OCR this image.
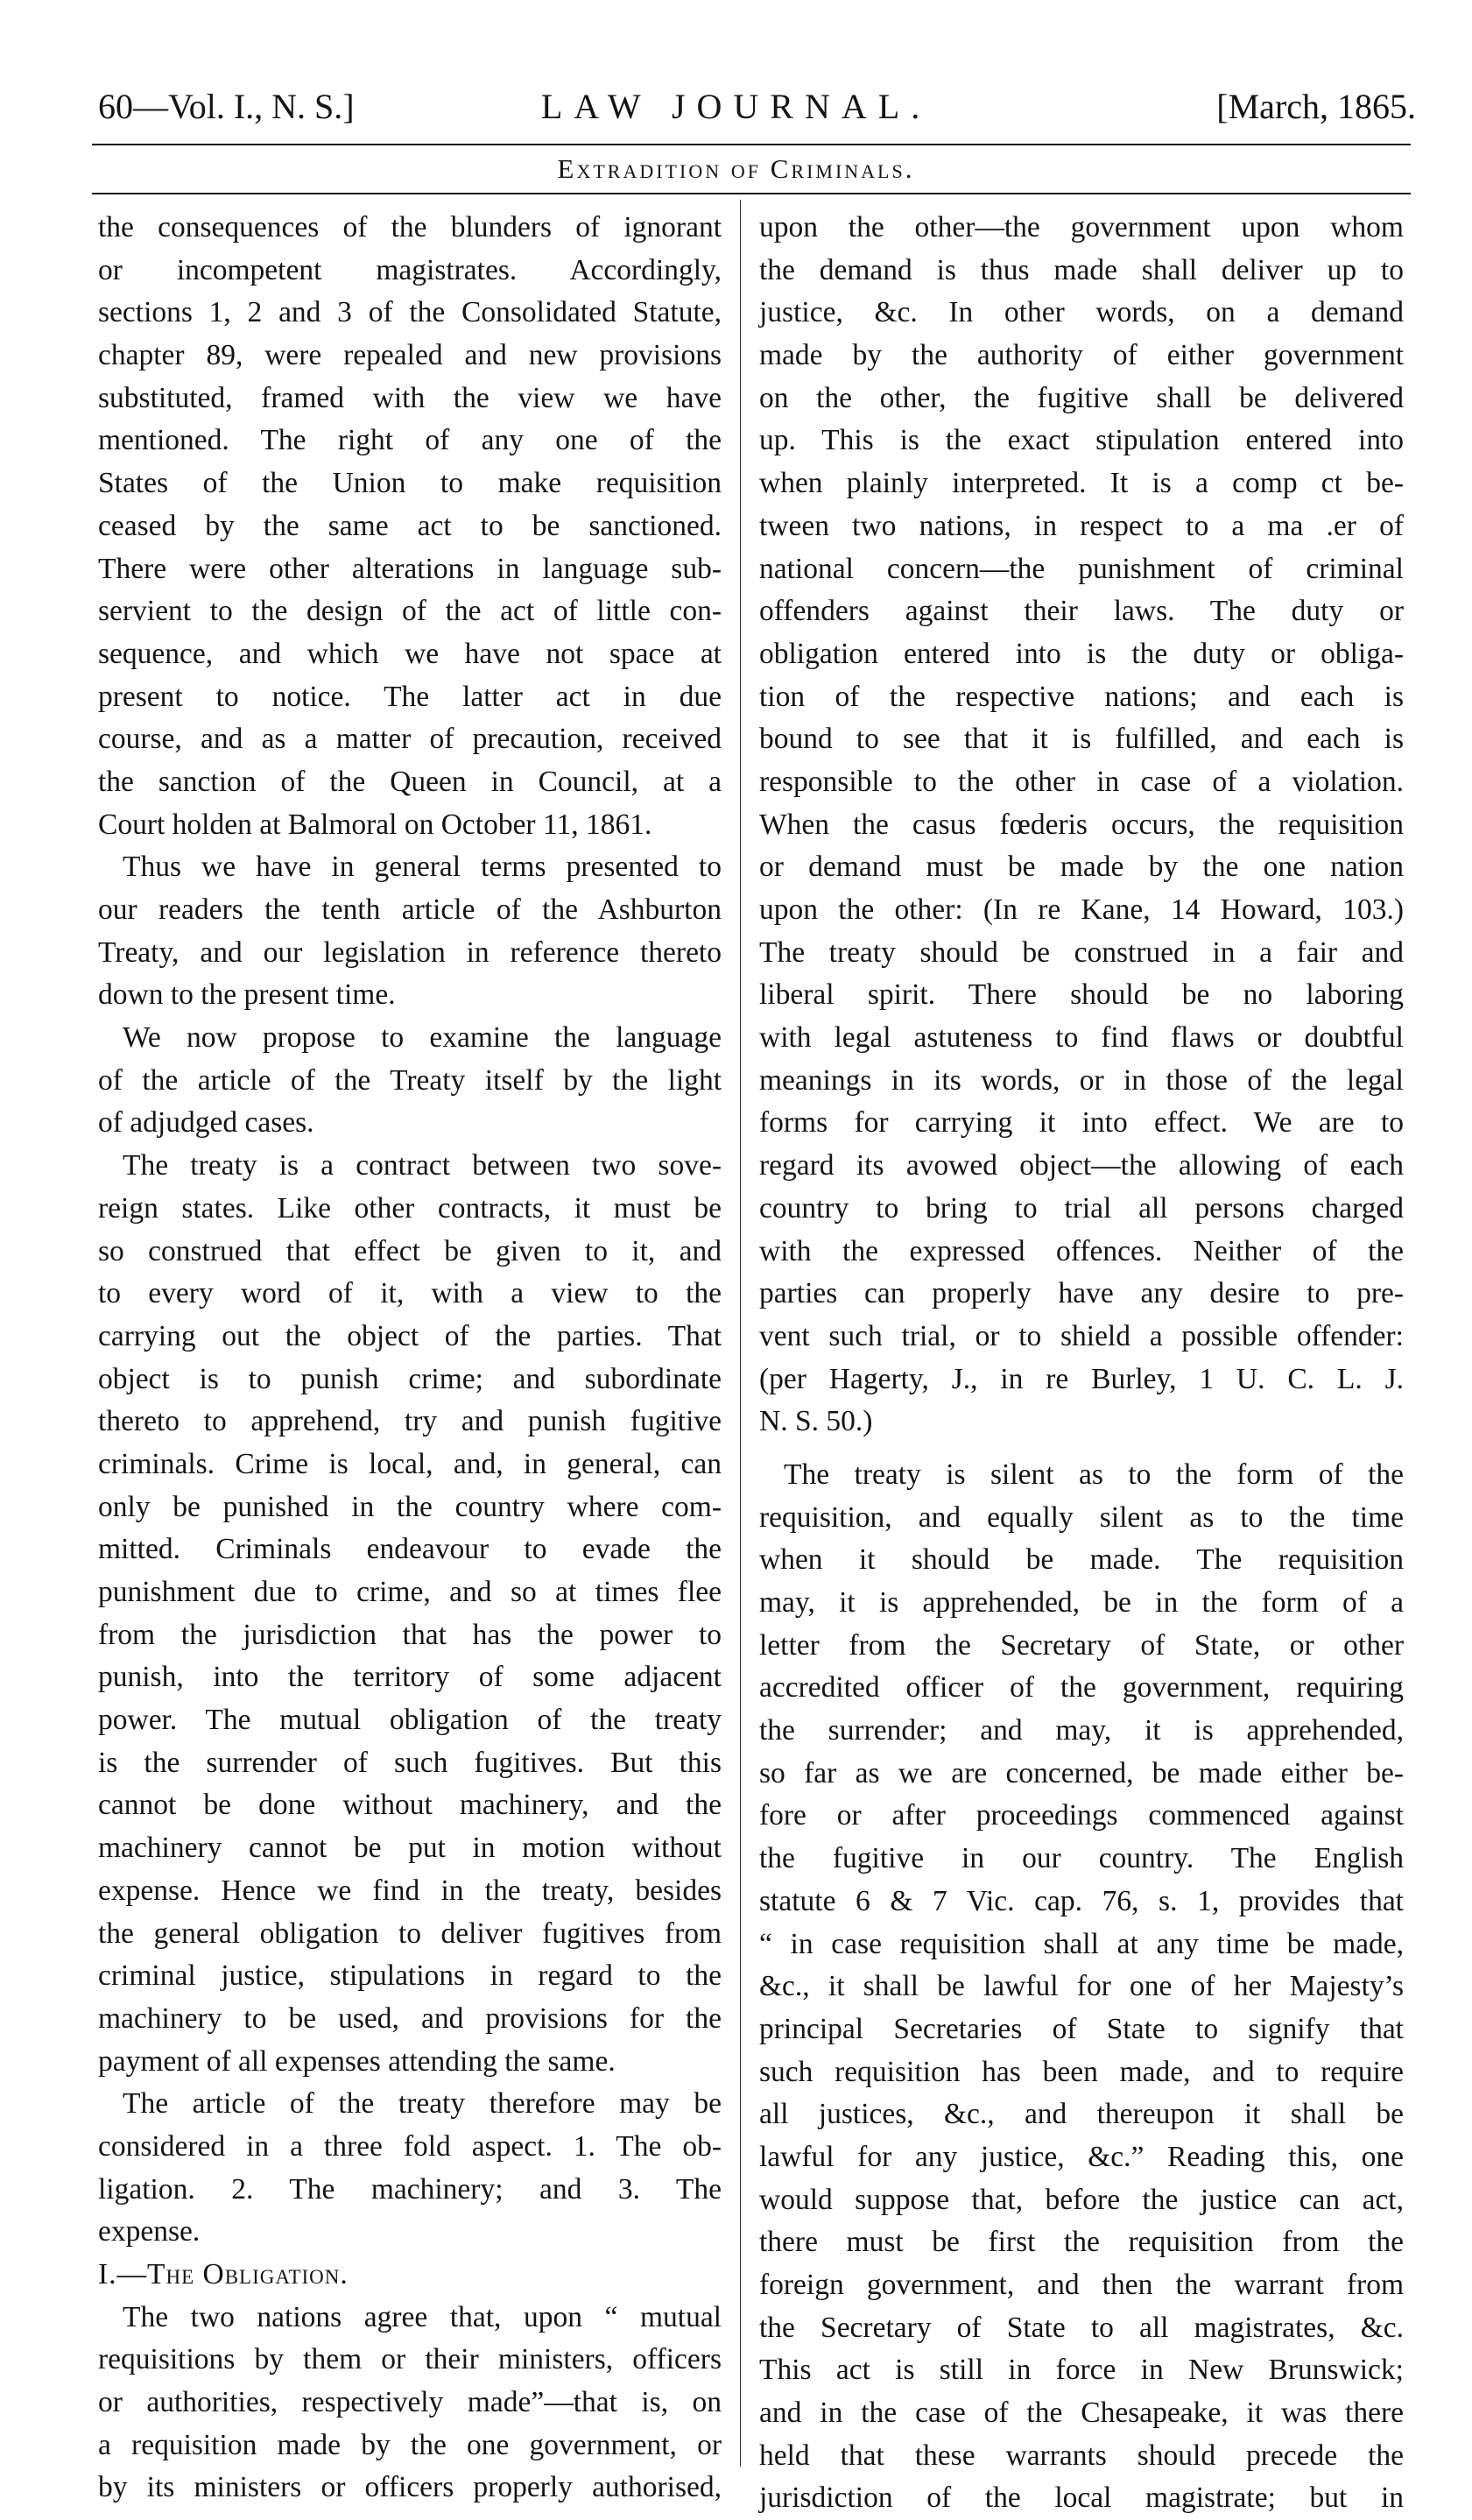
60—Vol. I., N. S.]	LAW JOURNAL.	[March, 1865.
Extradition of Criminals.
the consequences of the blunders of ignorant
or incompetent magistrates. Accordingly,
sections 1, 2 and 3 of the Consolidated Statute,
chapter 89, were repealed and new provisions
substituted, framed with the view we have
mentioned. The right of any one of the
States of the Union to make requisition
ceased by the same act to be sanctioned.
There were other alterations in language sub-
servient to the design of the act of little con-
sequence, and which we have not space at
present to notice. The latter act in due
course, and as a matter of precaution, received
the sanction of the Queen in Council, at a
Court holden at Balmoral on October 11, 1861.
Thus we have in general terms presented to
our readers the tenth article of the Ashburton
Treaty, and our legislation in reference thereto
down to the present time.
We now propose to examine the language
of the article of the Treaty itself by the light
of adjudged cases.
The treaty is a contract between two sove-
reign states. Like other contracts, it must be
so construed that effect be given to it, and
to every word of it, with a view to the
carrying out the object of the parties. That
object is to punish crime; and subordinate
thereto to apprehend, try and punish fugitive
criminals. Crime is local, and, in general, can
only be punished in the country where com-
mitted. Criminals endeavour to evade the
punishment due to crime, and so at times flee
from the jurisdiction that has the power to
punish, into the territory of some adjacent
power. The mutual obligation of the treaty
is the surrender of such fugitives. But this
cannot be done without machinery, and the
machinery cannot be put in motion without
expense. Hence we find in the treaty, besides
the general obligation to deliver fugitives from
criminal justice, stipulations in regard to the
machinery to be used, and provisions for the
payment of all expenses attending the same.
The article of the treaty therefore may be
considered in a three fold aspect. 1. The ob-
ligation. 2. The machinery; and 3. The
expense.
I.—The Obligation.
The two nations agree that, upon “ mutual
requisitions by them or their ministers, officers
or authorities, respectively made”—that is, on
a requisition made by the one government, or
by its ministers or officers properly authorised,
upon the other—the government upon whom
the demand is thus made shall deliver up to
justice, &c. In other words, on a demand
made by the authority of either government
on the other, the fugitive shall be delivered
up. This is the exact stipulation entered into
when plainly interpreted. It is a comp ct be-
tween two nations, in respect to a ma .er of
national concern—the punishment of criminal
offenders against their laws. The duty or
obligation entered into is the duty or obliga-
tion of the respective nations; and each is
bound to see that it is fulfilled, and each is
responsible to the other in case of a violation.
When the casus fœderis occurs, the requisition
or demand must be made by the one nation
upon the other: (In re Kane, 14 Howard, 103.)
The treaty should be construed in a fair and
liberal spirit. There should be no laboring
with legal astuteness to find flaws or doubtful
meanings in its words, or in those of the legal
forms for carrying it into effect. We are to
regard its avowed object—the allowing of each
country to bring to trial all persons charged
with the expressed offences. Neither of the
parties can properly have any desire to pre-
vent such trial, or to shield a possible offender:
(per Hagerty, J., in re Burley, 1 U. C. L. J.
N. S. 50.)
The treaty is silent as to the form of the
requisition, and equally silent as to the time
when it should be made. The requisition
may, it is apprehended, be in the form of a
letter from the Secretary of State, or other
accredited officer of the government, requiring
the surrender; and may, it is apprehended,
so far as we are concerned, be made either be-
fore or after proceedings commenced against
the fugitive in our country. The English
statute 6 & 7 Vic. cap. 76, s. 1, provides that
“ in case requisition shall at any time be made,
&c., it shall be lawful for one of her Majesty’s
principal Secretaries of State to signify that
such requisition has been made, and to require
all justices, &c., and thereupon it shall be
lawful for any justice, &c.” Reading this, one
would suppose that, before the justice can act,
there must be first the requisition from the
foreign government, and then the warrant from
the Secretary of State to all magistrates, &c.
This act is still in force in New Brunswick;
and in the case of the Chesapeake, it was there
held that these warrants should precede the
jurisdiction of the local magistrate; but in
